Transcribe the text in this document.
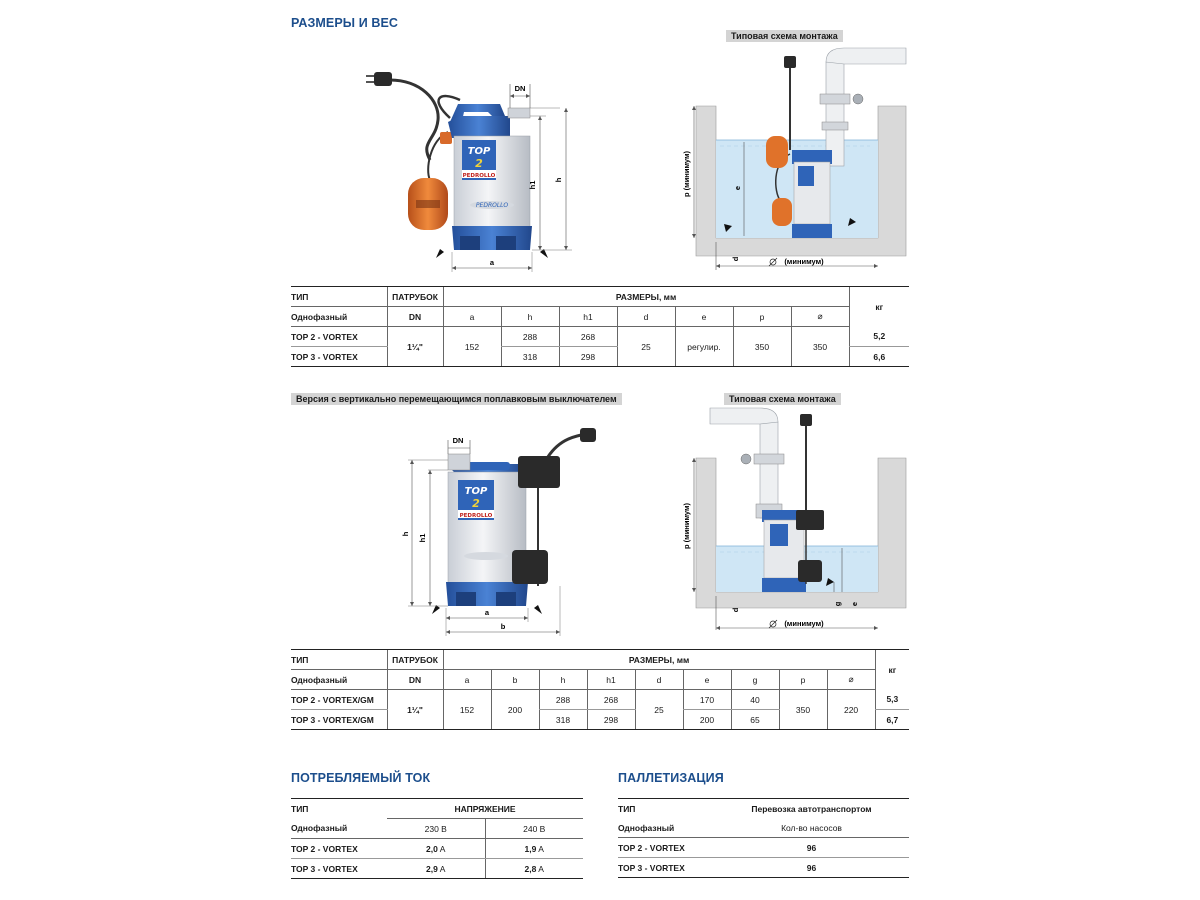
РАЗМЕРЫ И ВЕС
Типовая схема монтажа
Версия с вертикально перемещающимся поплавковым выключателем	Типовая схема монтажа
ПОТРЕБЛЯЕМЫЙ ТОК	ПАЛЛЕТИЗАЦИЯ
TOP
2
PEDROLLO
PEDROLLO
DN
h1
h
a
p (минимум)	e
d	(минимум)
ТИП	ПАТРУБОК	РАЗМЕРЫ, мм							кг
Однофазный	DN	a	h	h1	d	e	p	⌀	
TOP 2 - VORTEX	1¼"	152	288	268	25	регулир.	350	350	5,2
TOP 3 - VORTEX			318	298					6,6
TOP
2
PEDROLLO
DN
h h1
a
b
p (минимум)
e
g
d
(минимум)
ТИП	ПАТРУБОК	РАЗМЕРЫ, мм									кг
Однофазный	DN	a	b	h	h1	d	e	g	p	⌀	
TOP 2 - VORTEX/GM	1¼"	152	200	288	268	25	170	40	350	220	5,3
TOP 3 - VORTEX/GM				318	298		200	65			6,7
ТИП	НАПРЯЖЕНИЕ	
Однофазный	230 В	240 В
TOP 2 - VORTEX	2,0 A	1,9 A
TOP 3 - VORTEX	2,9 A	2,8 A
ТИП	Перевозка автотранспортом
Однофазный	Кол-во насосов
TOP 2 - VORTEX	96
TOP 3 - VORTEX	96
